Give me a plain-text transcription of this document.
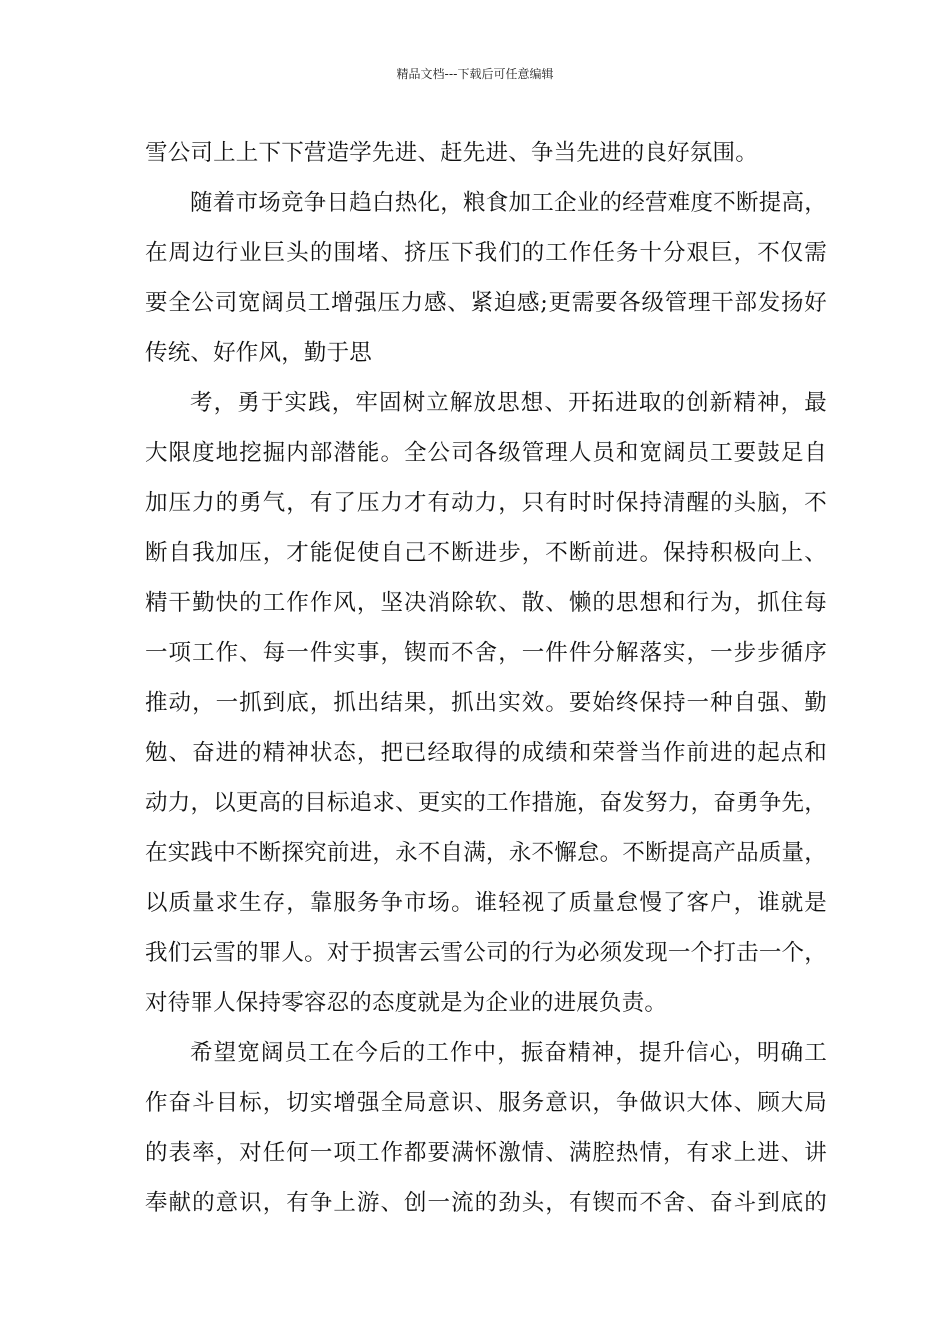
精品文档---下载后可任意编辑
雪公司上上下下营造学先进、赶先进、争当先进的良好氛围。
随着市场竞争日趋白热化，粮食加工企业的经营难度不断提高，
在周边行业巨头的围堵、挤压下我们的工作任务十分艰巨，不仅需
要全公司宽阔员工增强压力感、紧迫感;更需要各级管理干部发扬好
传统、好作风，勤于思
考，勇于实践，牢固树立解放思想、开拓进取的创新精神，最
大限度地挖掘内部潜能。全公司各级管理人员和宽阔员工要鼓足自
加压力的勇气，有了压力才有动力，只有时时保持清醒的头脑，不
断自我加压，才能促使自己不断进步，不断前进。保持积极向上、
精干勤快的工作作风，坚决消除软、散、懒的思想和行为，抓住每
一项工作、每一件实事，锲而不舍，一件件分解落实，一步步循序
推动，一抓到底，抓出结果，抓出实效。要始终保持一种自强、勤
勉、奋进的精神状态，把已经取得的成绩和荣誉当作前进的起点和
动力，以更高的目标追求、更实的工作措施，奋发努力，奋勇争先，
在实践中不断探究前进，永不自满，永不懈怠。不断提高产品质量，
以质量求生存，靠服务争市场。谁轻视了质量怠慢了客户，谁就是
我们云雪的罪人。对于损害云雪公司的行为必须发现一个打击一个，
对待罪人保持零容忍的态度就是为企业的进展负责。
希望宽阔员工在今后的工作中，振奋精神，提升信心，明确工
作奋斗目标，切实增强全局意识、服务意识，争做识大体、顾大局
的表率，对任何一项工作都要满怀激情、满腔热情，有求上进、讲
奉献的意识，有争上游、创一流的劲头，有锲而不舍、奋斗到底的
